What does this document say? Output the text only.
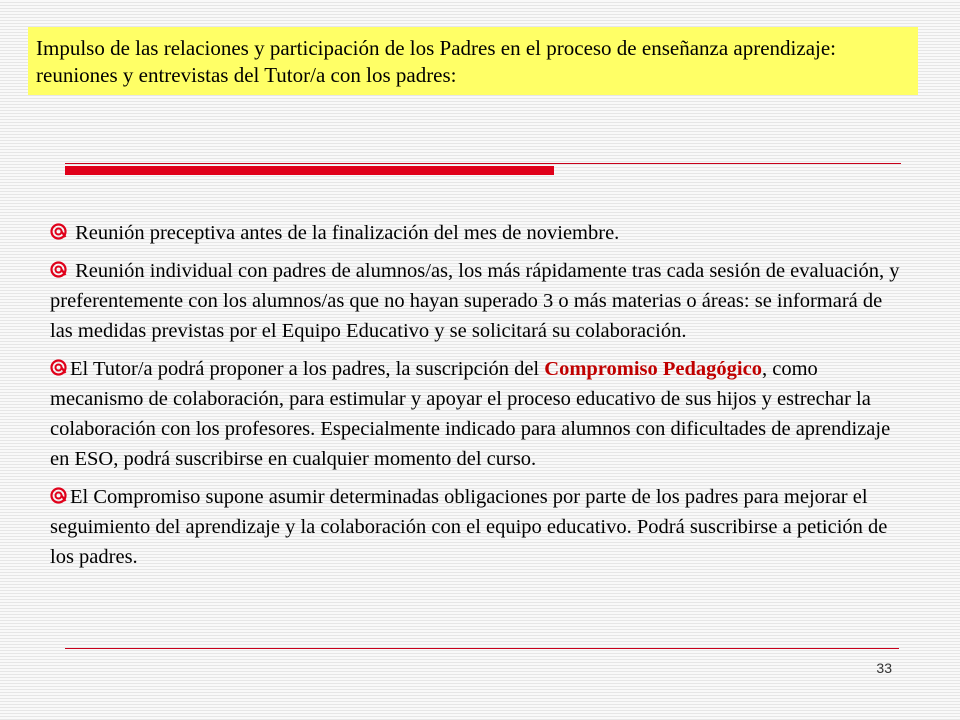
Impulso de las relaciones y participación de los Padres en el proceso de enseñanza aprendizaje: reuniones y entrevistas del Tutor/a con los padres:
Reunión preceptiva antes de la finalización del mes de noviembre.
Reunión individual con padres de alumnos/as, los más rápidamente tras cada sesión de evaluación, y preferentemente con los alumnos/as que no hayan superado 3 o más materias o áreas: se informará de las medidas previstas por el Equipo Educativo y se solicitará su colaboración.
El Tutor/a podrá proponer a los padres, la suscripción del Compromiso Pedagógico, como mecanismo de colaboración, para estimular y apoyar el proceso educativo de sus hijos y estrechar la colaboración con los profesores. Especialmente indicado para alumnos con dificultades de aprendizaje en ESO, podrá suscribirse en cualquier momento del curso.
El Compromiso supone asumir determinadas obligaciones por parte de los padres para mejorar el seguimiento del aprendizaje y la colaboración con el equipo educativo. Podrá suscribirse a petición de los padres.
33
